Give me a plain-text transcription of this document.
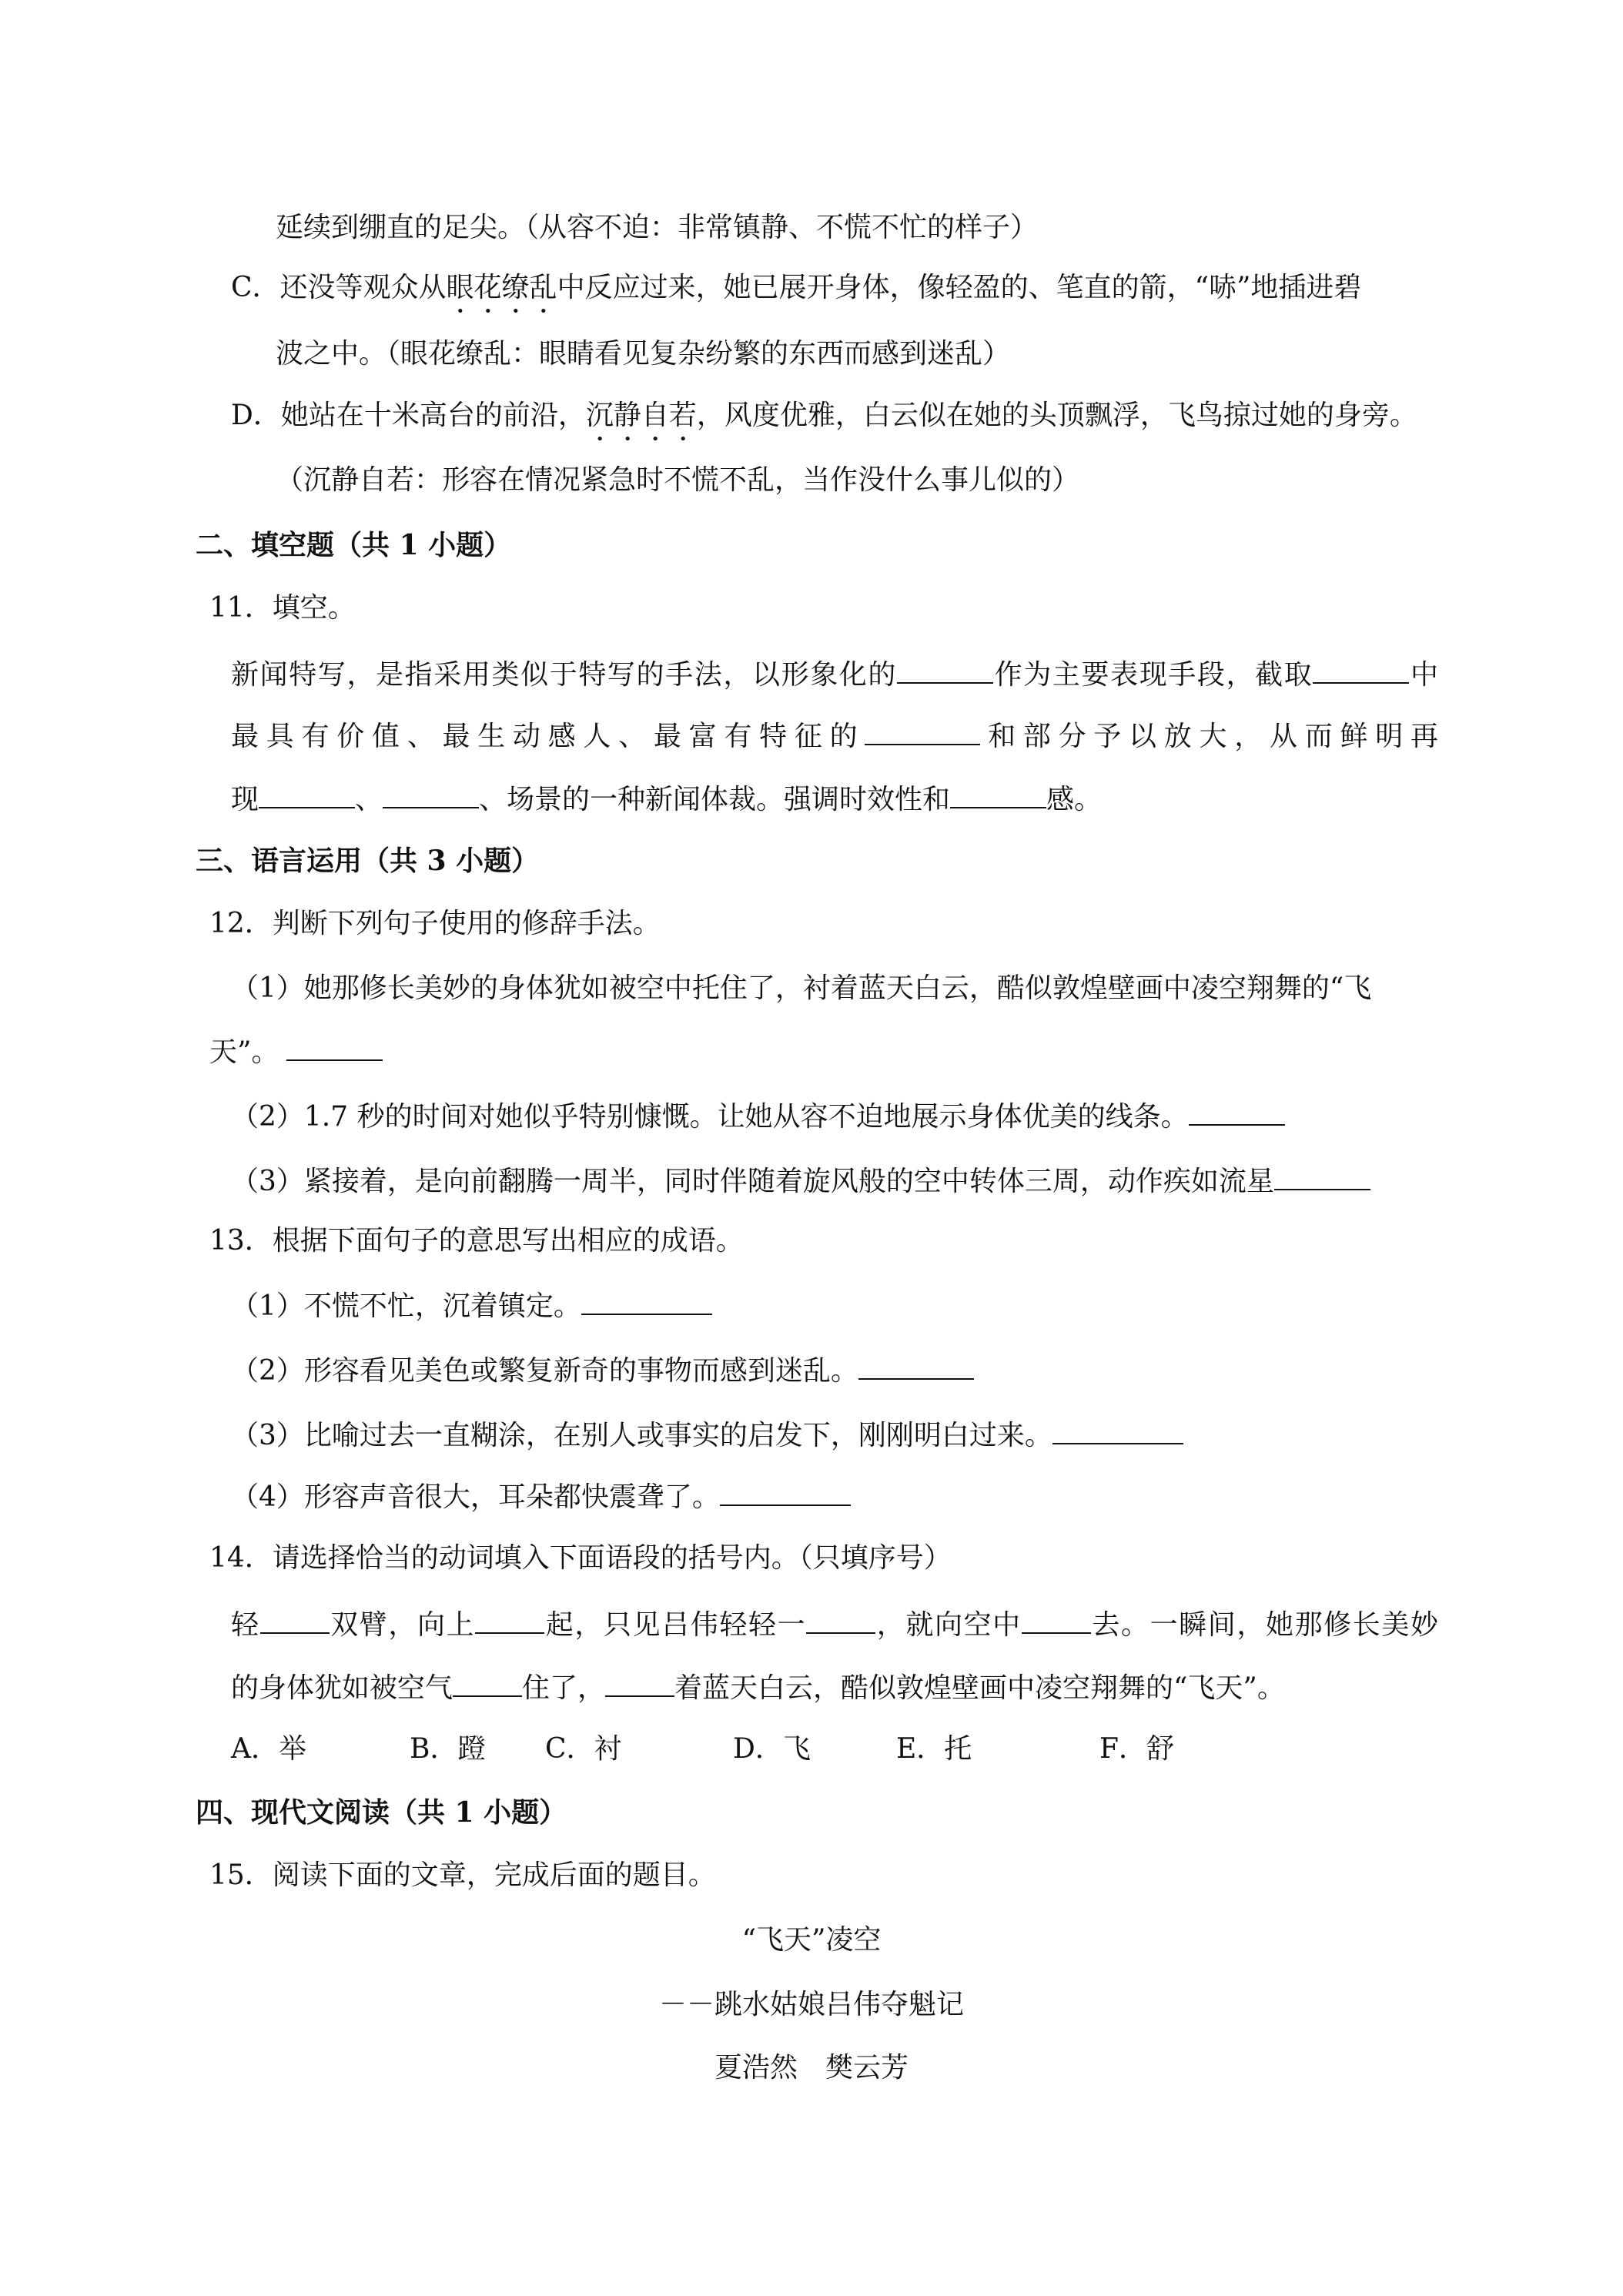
延续到绷直的足尖。（从容不迫：非常镇静、不慌不忙的样子）
C．还没等观众从眼花缭乱中反应过来，她已展开身体，像轻盈的、笔直的箭，“哧”地插进碧
波之中。（眼花缭乱：眼睛看见复杂纷繁的东西而感到迷乱）
D．她站在十米高台的前沿，沉静自若，风度优雅，白云似在她的头顶飘浮，飞鸟掠过她的身旁。
（沉静自若：形容在情况紧急时不慌不乱，当作没什么事儿似的）
二、填空题（共 1 小题）
11．填空。
新闻特写，是指采用类似于特写的手法，以形象化的	作为主要表现手段，截取	中
最具有价值、最生动感人、最富有特征的	和部分予以放大，从而鲜明再
现	、	、场景的一种新闻体裁。强调时效性和	感。
三、语言运用（共 3 小题）
12．判断下列句子使用的修辞手法。
（1）她那修长美妙的身体犹如被空中托住了，衬着蓝天白云，酷似敦煌壁画中凌空翔舞的“飞
天”。
（2）1.7 秒的时间对她似乎特别慷慨。让她从容不迫地展示身体优美的线条。
（3）紧接着，是向前翻腾一周半，同时伴随着旋风般的空中转体三周，动作疾如流星
13．根据下面句子的意思写出相应的成语。
（1）不慌不忙，沉着镇定。
（2）形容看见美色或繁复新奇的事物而感到迷乱。
（3）比喻过去一直糊涂，在别人或事实的启发下，刚刚明白过来。
（4）形容声音很大，耳朵都快震聋了。
14．请选择恰当的动词填入下面语段的括号内。（只填序号）
轻	双臂，向上	起，只见吕伟轻轻一	，就向空中	去。一瞬间，她那修长美妙
的身体犹如被空气	住了，	着蓝天白云，酷似敦煌壁画中凌空翔舞的“飞天”。
A．举	B．蹬 C．衬	D．飞	E．托	F．舒
四、现代文阅读（共 1 小题）
15．阅读下面的文章，完成后面的题目。
“飞天”凌空
－－跳水姑娘吕伟夺魁记
夏浩然　樊云芳
